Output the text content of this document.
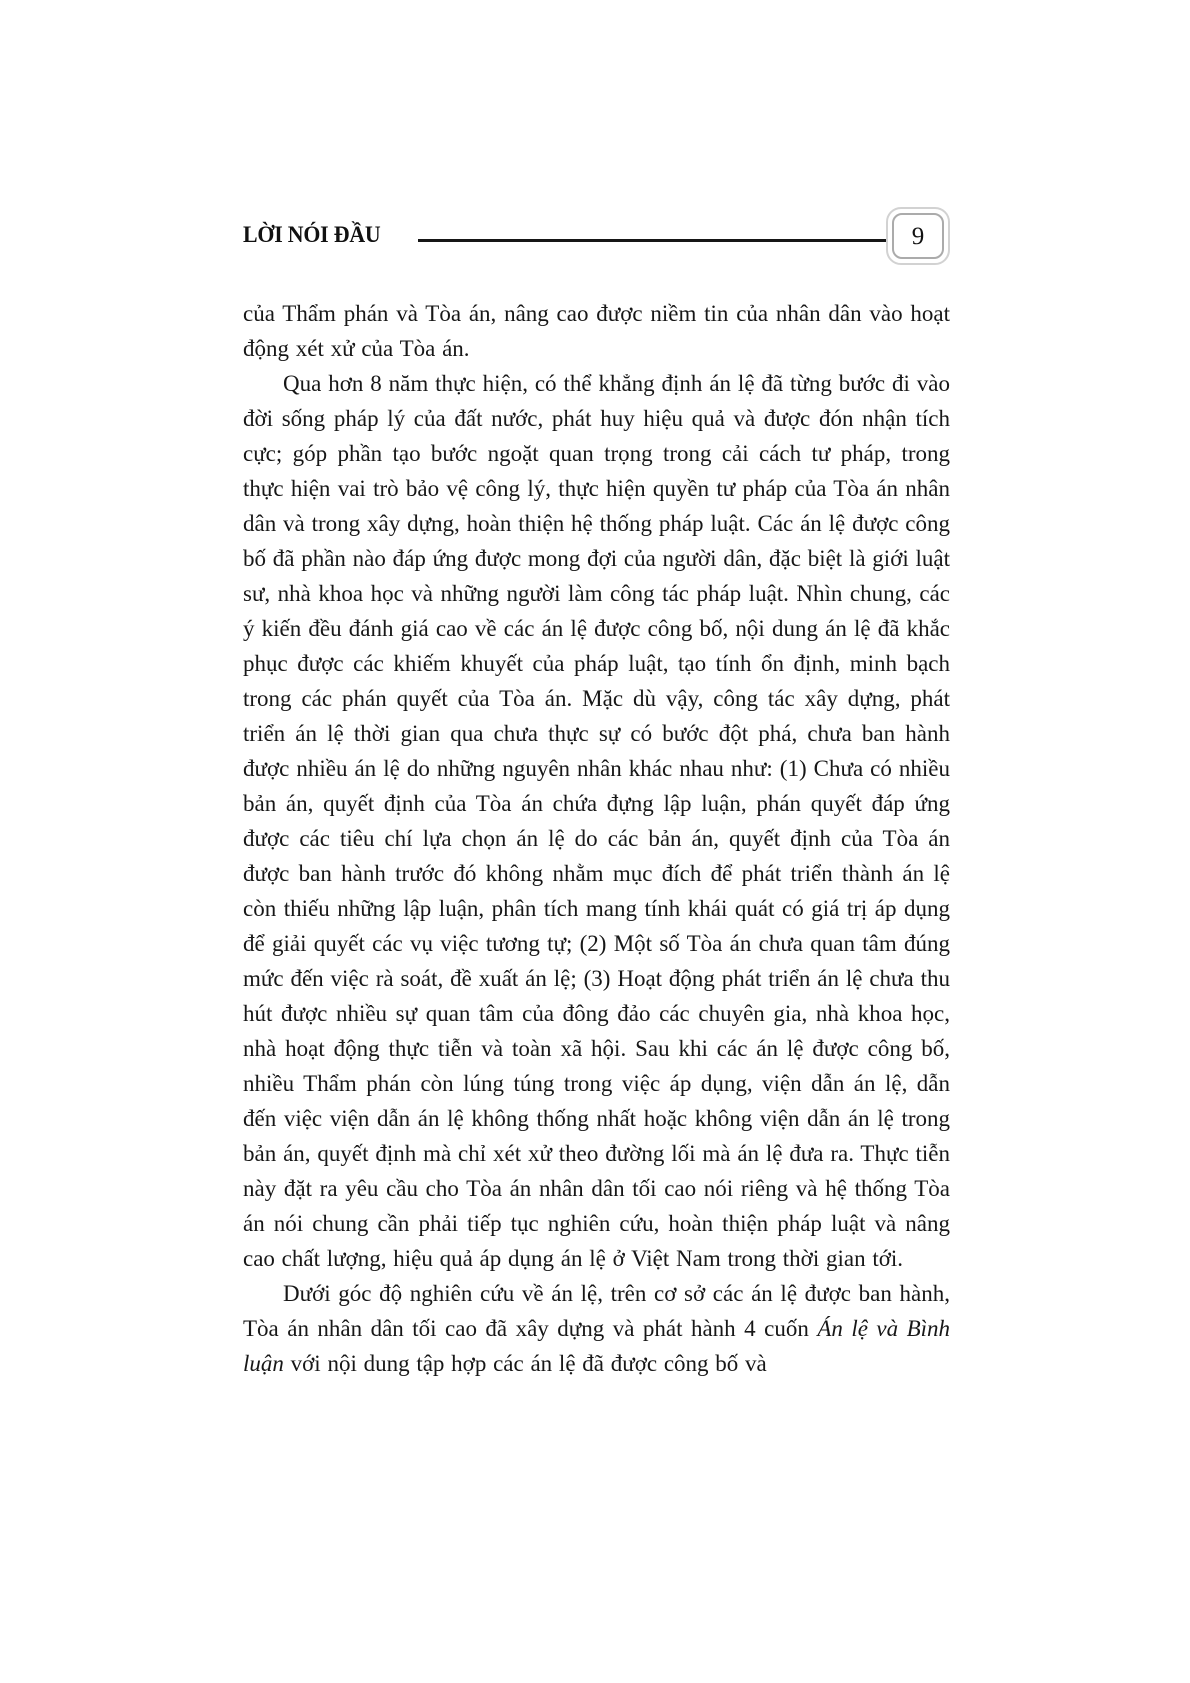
LỜI NÓI ĐẦU	9

của Thẩm phán và Tòa án, nâng cao được niềm tin của nhân dân vào hoạt động xét xử của Tòa án.

Qua hơn 8 năm thực hiện, có thể khẳng định án lệ đã từng bước đi vào đời sống pháp lý của đất nước, phát huy hiệu quả và được đón nhận tích cực; góp phần tạo bước ngoặt quan trọng trong cải cách tư pháp, trong thực hiện vai trò bảo vệ công lý, thực hiện quyền tư pháp của Tòa án nhân dân và trong xây dựng, hoàn thiện hệ thống pháp luật. Các án lệ được công bố đã phần nào đáp ứng được mong đợi của người dân, đặc biệt là giới luật sư, nhà khoa học và những người làm công tác pháp luật. Nhìn chung, các ý kiến đều đánh giá cao về các án lệ được công bố, nội dung án lệ đã khắc phục được các khiếm khuyết của pháp luật, tạo tính ổn định, minh bạch trong các phán quyết của Tòa án. Mặc dù vậy, công tác xây dựng, phát triển án lệ thời gian qua chưa thực sự có bước đột phá, chưa ban hành được nhiều án lệ do những nguyên nhân khác nhau như: (1) Chưa có nhiều bản án, quyết định của Tòa án chứa đựng lập luận, phán quyết đáp ứng được các tiêu chí lựa chọn án lệ do các bản án, quyết định của Tòa án được ban hành trước đó không nhằm mục đích để phát triển thành án lệ còn thiếu những lập luận, phân tích mang tính khái quát có giá trị áp dụng để giải quyết các vụ việc tương tự; (2) Một số Tòa án chưa quan tâm đúng mức đến việc rà soát, đề xuất án lệ; (3) Hoạt động phát triển án lệ chưa thu hút được nhiều sự quan tâm của đông đảo các chuyên gia, nhà khoa học, nhà hoạt động thực tiễn và toàn xã hội. Sau khi các án lệ được công bố, nhiều Thẩm phán còn lúng túng trong việc áp dụng, viện dẫn án lệ, dẫn đến việc viện dẫn án lệ không thống nhất hoặc không viện dẫn án lệ trong bản án, quyết định mà chỉ xét xử theo đường lối mà án lệ đưa ra. Thực tiễn này đặt ra yêu cầu cho Tòa án nhân dân tối cao nói riêng và hệ thống Tòa án nói chung cần phải tiếp tục nghiên cứu, hoàn thiện pháp luật và nâng cao chất lượng, hiệu quả áp dụng án lệ ở Việt Nam trong thời gian tới.

Dưới góc độ nghiên cứu về án lệ, trên cơ sở các án lệ được ban hành, Tòa án nhân dân tối cao đã xây dựng và phát hành 4 cuốn Án lệ và Bình luận với nội dung tập hợp các án lệ đã được công bố và
